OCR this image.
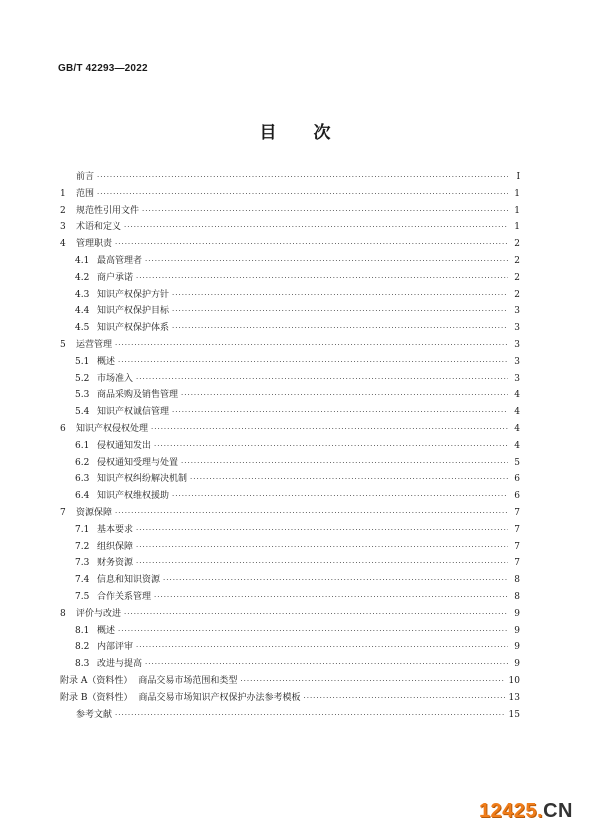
GB/T 42293—2022
目　　次
前言 ·····	Ⅰ
1	范围 ·····	1
2	规范性引用文件 ·····	1
3	术语和定义 ·····	1
4	管理职责 ·····	2
4.1 最高管理者 ·····	2
4.2 商户承诺 ·····	2
4.3 知识产权保护方针 ·····	2
4.4 知识产权保护目标 ·····	3
4.5 知识产权保护体系 ·····	3
5	运营管理 ·····	3
5.1 概述 ·····	3
5.2 市场准入 ·····	3
5.3 商品采购及销售管理 ·····	4
5.4 知识产权诚信管理 ·····	4
6	知识产权侵权处理 ·····	4
6.1 侵权通知发出 ·····	4
6.2 侵权通知受理与处置 ·····	5
6.3 知识产权纠纷解决机制 ·····	6
6.4 知识产权维权援助 ·····	6
7	资源保障 ·····	7
7.1 基本要求 ·····	7
7.2 组织保障 ·····	7
7.3 财务资源 ·····	7
7.4 信息和知识资源 ·····	8
7.5 合作关系管理 ·····	8
8	评价与改进 ·····	9
8.1 概述 ·····	9
8.2 内部评审 ·····	9
8.3 改进与提高 ·····	9
附录 A（资料性） 商品交易市场范围和类型 ·····	10
附录 B（资料性） 商品交易市场知识产权保护办法参考模板 ·····	13
参考文献 ·····	15
12425.CN
